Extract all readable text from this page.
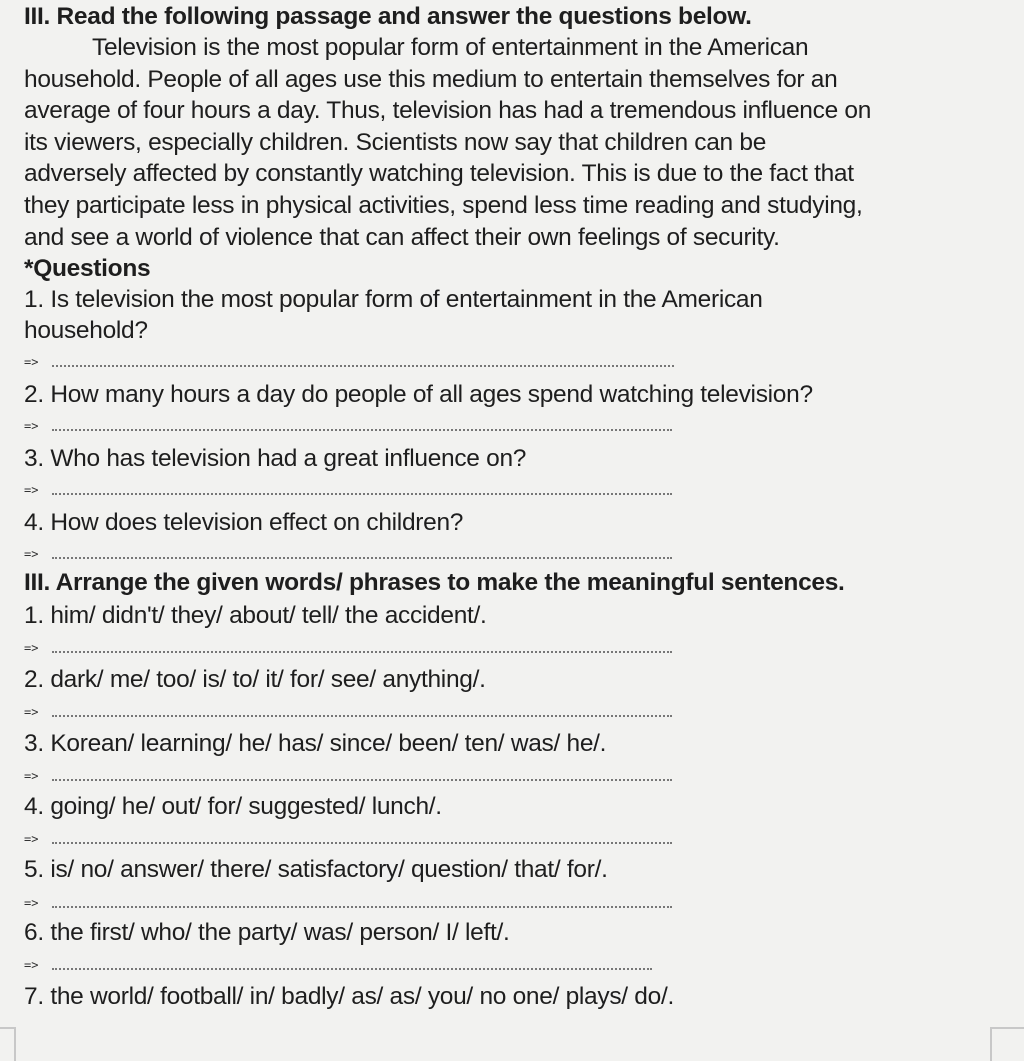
III. Read the following passage and answer the questions below.
Television is the most popular form of entertainment in the American
household. People of all ages use this medium to entertain themselves for an
average of four hours a day. Thus, television has had a tremendous influence on
its viewers, especially children. Scientists now say that children can be
adversely affected by constantly watching television. This is due to the fact that
they participate less in physical activities, spend less time reading and studying,
and see a world of violence that can affect their own feelings of security.
*Questions
1. Is television the most popular form of entertainment in the American
household?
=>
2. How many hours a day do people of all ages spend watching television?
=>
3. Who has television had a great influence on?
=>
4. How does television effect on children?
=>
III. Arrange the given words/ phrases to make the meaningful sentences.
1. him/ didn't/ they/ about/ tell/ the accident/.
=>
2. dark/ me/ too/ is/ to/ it/ for/ see/ anything/.
=>
3. Korean/ learning/ he/ has/ since/ been/ ten/ was/ he/.
=>
4. going/ he/ out/ for/ suggested/ lunch/.
=>
5. is/ no/ answer/ there/ satisfactory/ question/ that/ for/.
=>
6. the first/ who/ the party/ was/ person/ I/ left/.
=>
7. the world/ football/ in/ badly/ as/ as/ you/ no one/ plays/ do/.
